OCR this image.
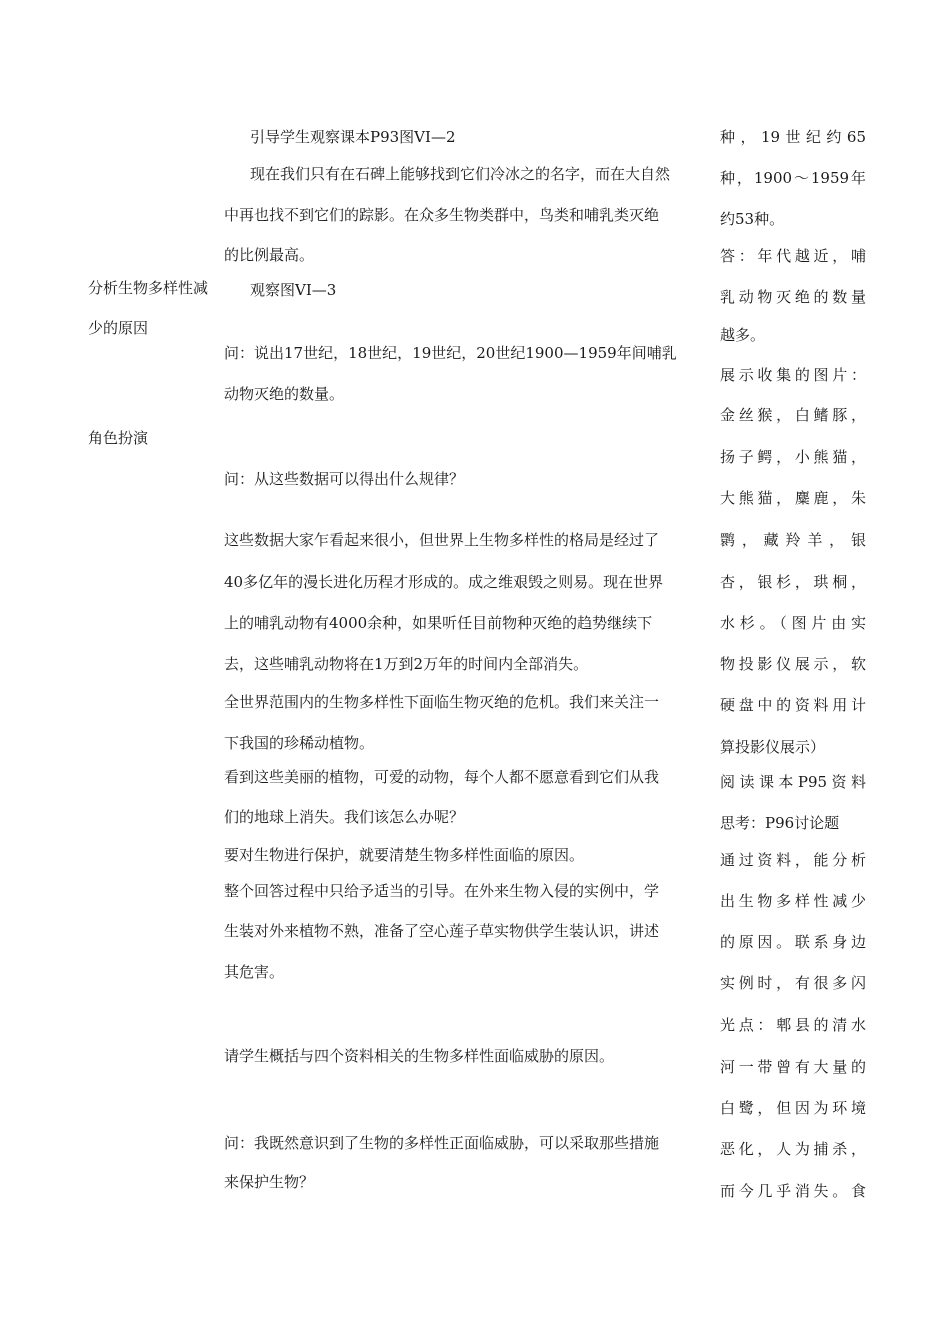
分析生物多样性减
少的原因
角色扮演
引导学生观察课本P93图VI—2
现在我们只有在石碑上能够找到它们冷冰之的名字，而在大自然
中再也找不到它们的踪影。在众多生物类群中，鸟类和哺乳类灭绝
的比例最高。
观察图VI—3
问：说出17世纪，18世纪，19世纪，20世纪1900—1959年间哺乳
动物灭绝的数量。
问：从这些数据可以得出什么规律？
这些数据大家乍看起来很小，但世界上生物多样性的格局是经过了
40多亿年的漫长进化历程才形成的。成之维艰毁之则易。现在世界
上的哺乳动物有4000余种，如果听任目前物种灭绝的趋势继续下
去，这些哺乳动物将在1万到2万年的时间内全部消失。
全世界范围内的生物多样性下面临生物灭绝的危机。我们来关注一
下我国的珍稀动植物。
看到这些美丽的植物，可爱的动物，每个人都不愿意看到它们从我
们的地球上消失。我们该怎么办呢？
要对生物进行保护，就要清楚生物多样性面临的原因。
整个回答过程中只给予适当的引导。在外来生物入侵的实例中，学
生装对外来植物不熟，准备了空心莲子草实物供学生装认识，讲述
其危害。
请学生概括与四个资料相关的生物多样性面临威胁的原因。
问：我既然意识到了生物的多样性正面临威胁，可以采取那些措施
来保护生物？
种，19世纪约65
种，1900～1959年
约53种。
答：年代越近，哺
乳动物灭绝的数量
越多。
展示收集的图片：
金丝猴，白鳍豚，
扬子鳄，小熊猫，
大熊猫，麋鹿，朱
鹮，藏羚羊，银
杏，银杉，珙桐，
水杉。（图片由实
物投影仪展示，软
硬盘中的资料用计
算投影仪展示）
阅读课本P95资料
思考：P96讨论题
通过资料，能分析
出生物多样性减少
的原因。联系身边
实例时，有很多闪
光点：郫县的清水
河一带曾有大量的
白鹭，但因为环境
恶化，人为捕杀，
而今几乎消失。食
